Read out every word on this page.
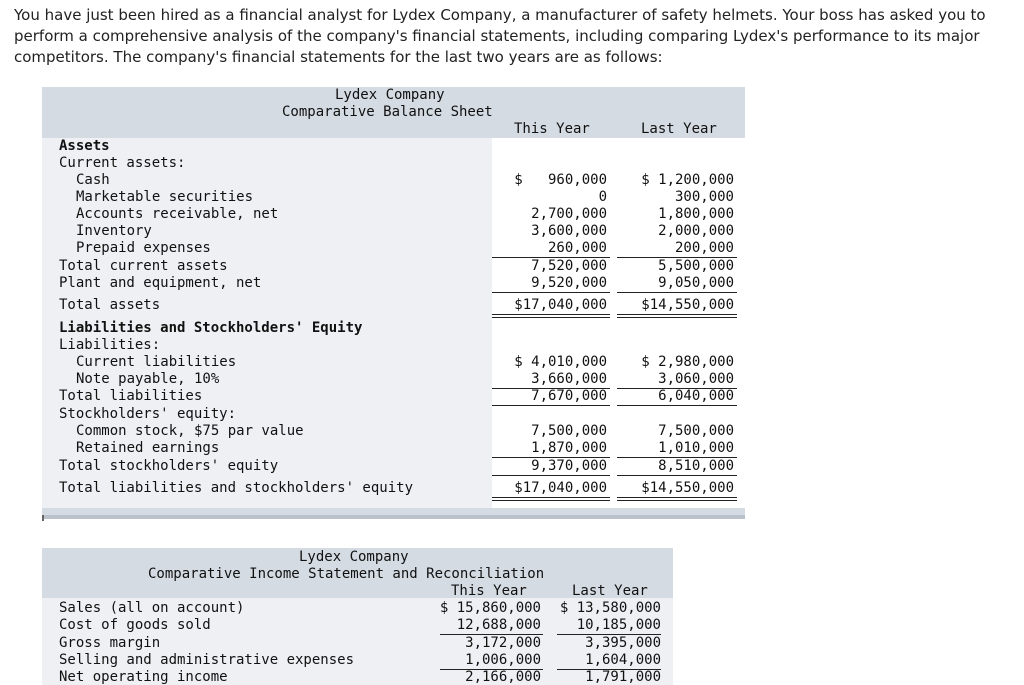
You have just been hired as a financial analyst for Lydex Company, a manufacturer of safety helmets. Your boss has asked you to perform a comprehensive analysis of the company's financial statements, including comparing Lydex's performance to its major competitors. The company's financial statements for the last two years are as follows:
Lydex Company
Comparative Balance Sheet
This Year	Last Year
Assets
Current assets:
Cash	$   960,000	$ 1,200,000
Marketable securities	0	300,000
Accounts receivable, net	2,700,000	1,800,000
Inventory	3,600,000	2,000,000
Prepaid expenses	260,000	200,000
Total current assets	7,520,000	5,500,000
Plant and equipment, net	9,520,000	9,050,000
Total assets	$17,040,000	$14,550,000
Liabilities and Stockholders' Equity
Liabilities:
Current liabilities	$ 4,010,000	$ 2,980,000
Note payable, 10%	3,660,000	3,060,000
Total liabilities	7,670,000	6,040,000
Stockholders' equity:
Common stock, $75 par value	7,500,000	7,500,000
Retained earnings	1,870,000	1,010,000
Total stockholders' equity	9,370,000	8,510,000
Total liabilities and stockholders' equity	$17,040,000	$14,550,000
Lydex Company
Comparative Income Statement and Reconciliation
This Year	Last Year
Sales (all on account)	$ 15,860,000	$ 13,580,000
Cost of goods sold	12,688,000	10,185,000
Gross margin	3,172,000	3,395,000
Selling and administrative expenses	1,006,000	1,604,000
Net operating income	2,166,000	1,791,000
